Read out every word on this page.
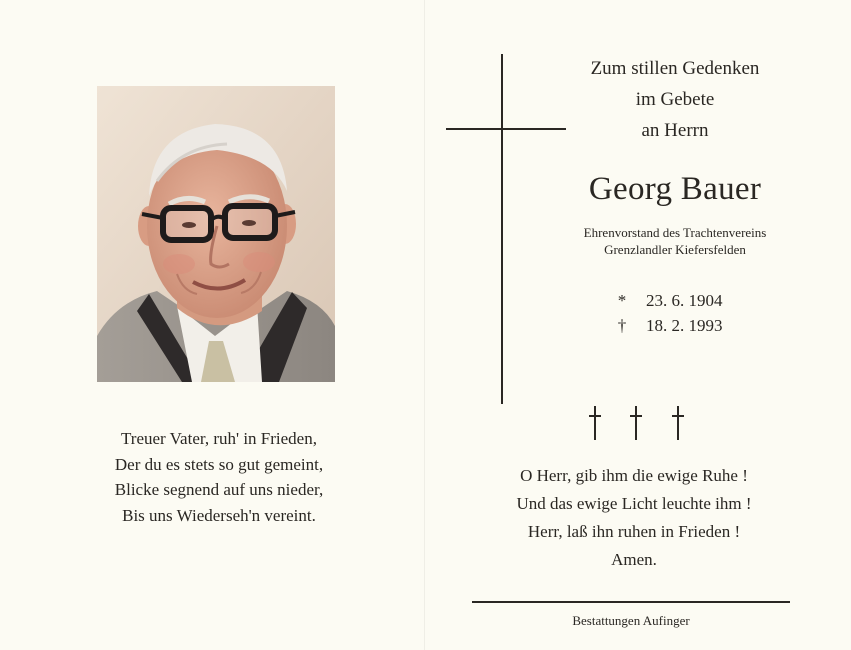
Treuer Vater, ruh' in Frieden,
Der du es stets so gut gemeint,
Blicke segnend auf uns nieder,
Bis uns Wiederseh'n vereint.
Zum stillen Gedenken
im Gebete
an Herrn
Georg Bauer
Ehrenvorstand des Trachtenvereins
Grenzlandler Kiefersfelden
*	23. 6. 1904
†	18. 2. 1993
O Herr, gib ihm die ewige Ruhe !
Und das ewige Licht leuchte ihm !
Herr, laß ihn ruhen in Frieden !
Amen.
Bestattungen Aufinger
